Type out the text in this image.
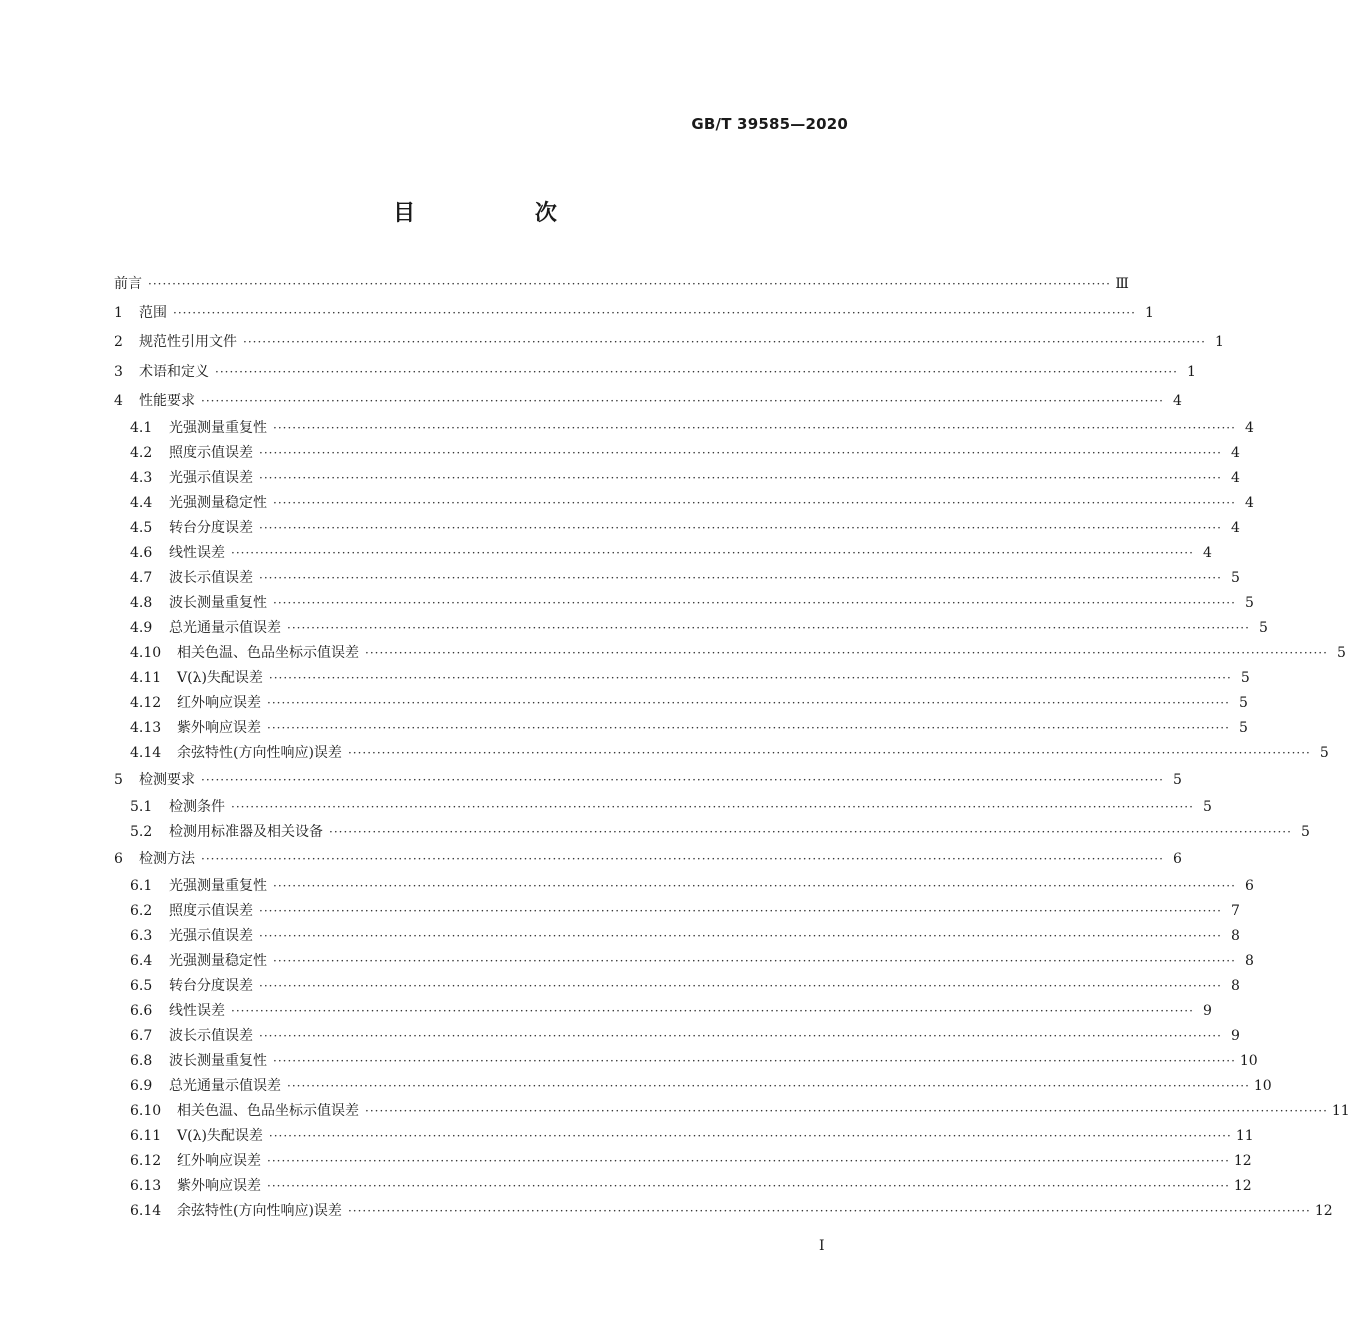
GB/T 39585—2020
目 次
前言 ········································································································································································································ Ⅲ
1	范围 ········································································································································································································ 1
2	规范性引用文件 ········································································································································································································ 1
3	术语和定义 ········································································································································································································ 1
4	性能要求 ········································································································································································································ 4
4.1	光强测量重复性 ········································································································································································································ 4
4.2	照度示值误差 ········································································································································································································ 4
4.3	光强示值误差 ········································································································································································································ 4
4.4	光强测量稳定性 ········································································································································································································ 4
4.5	转台分度误差 ········································································································································································································ 4
4.6	线性误差 ········································································································································································································ 4
4.7	波长示值误差 ········································································································································································································ 5
4.8	波长测量重复性 ········································································································································································································ 5
4.9	总光通量示值误差 ········································································································································································································ 5
4.10	相关色温、色品坐标示值误差 ········································································································································································································ 5
4.11	V(λ)失配误差 ········································································································································································································ 5
4.12	红外响应误差 ········································································································································································································ 5
4.13	紫外响应误差 ········································································································································································································ 5
4.14	余弦特性(方向性响应)误差 ········································································································································································································ 5
5	检测要求 ········································································································································································································ 5
5.1	检测条件 ········································································································································································································ 5
5.2	检测用标准器及相关设备 ········································································································································································································ 5
6	检测方法 ········································································································································································································ 6
6.1	光强测量重复性 ········································································································································································································ 6
6.2	照度示值误差 ········································································································································································································ 7
6.3	光强示值误差 ········································································································································································································ 8
6.4	光强测量稳定性 ········································································································································································································ 8
6.5	转台分度误差 ········································································································································································································ 8
6.6	线性误差 ········································································································································································································ 9
6.7	波长示值误差 ········································································································································································································ 9
6.8	波长测量重复性 ········································································································································································································ 10
6.9	总光通量示值误差 ········································································································································································································ 10
6.10	相关色温、色品坐标示值误差 ········································································································································································································ 11
6.11	V(λ)失配误差 ········································································································································································································ 11
6.12	红外响应误差 ········································································································································································································ 12
6.13	紫外响应误差 ········································································································································································································ 12
6.14	余弦特性(方向性响应)误差 ········································································································································································································ 12
I
